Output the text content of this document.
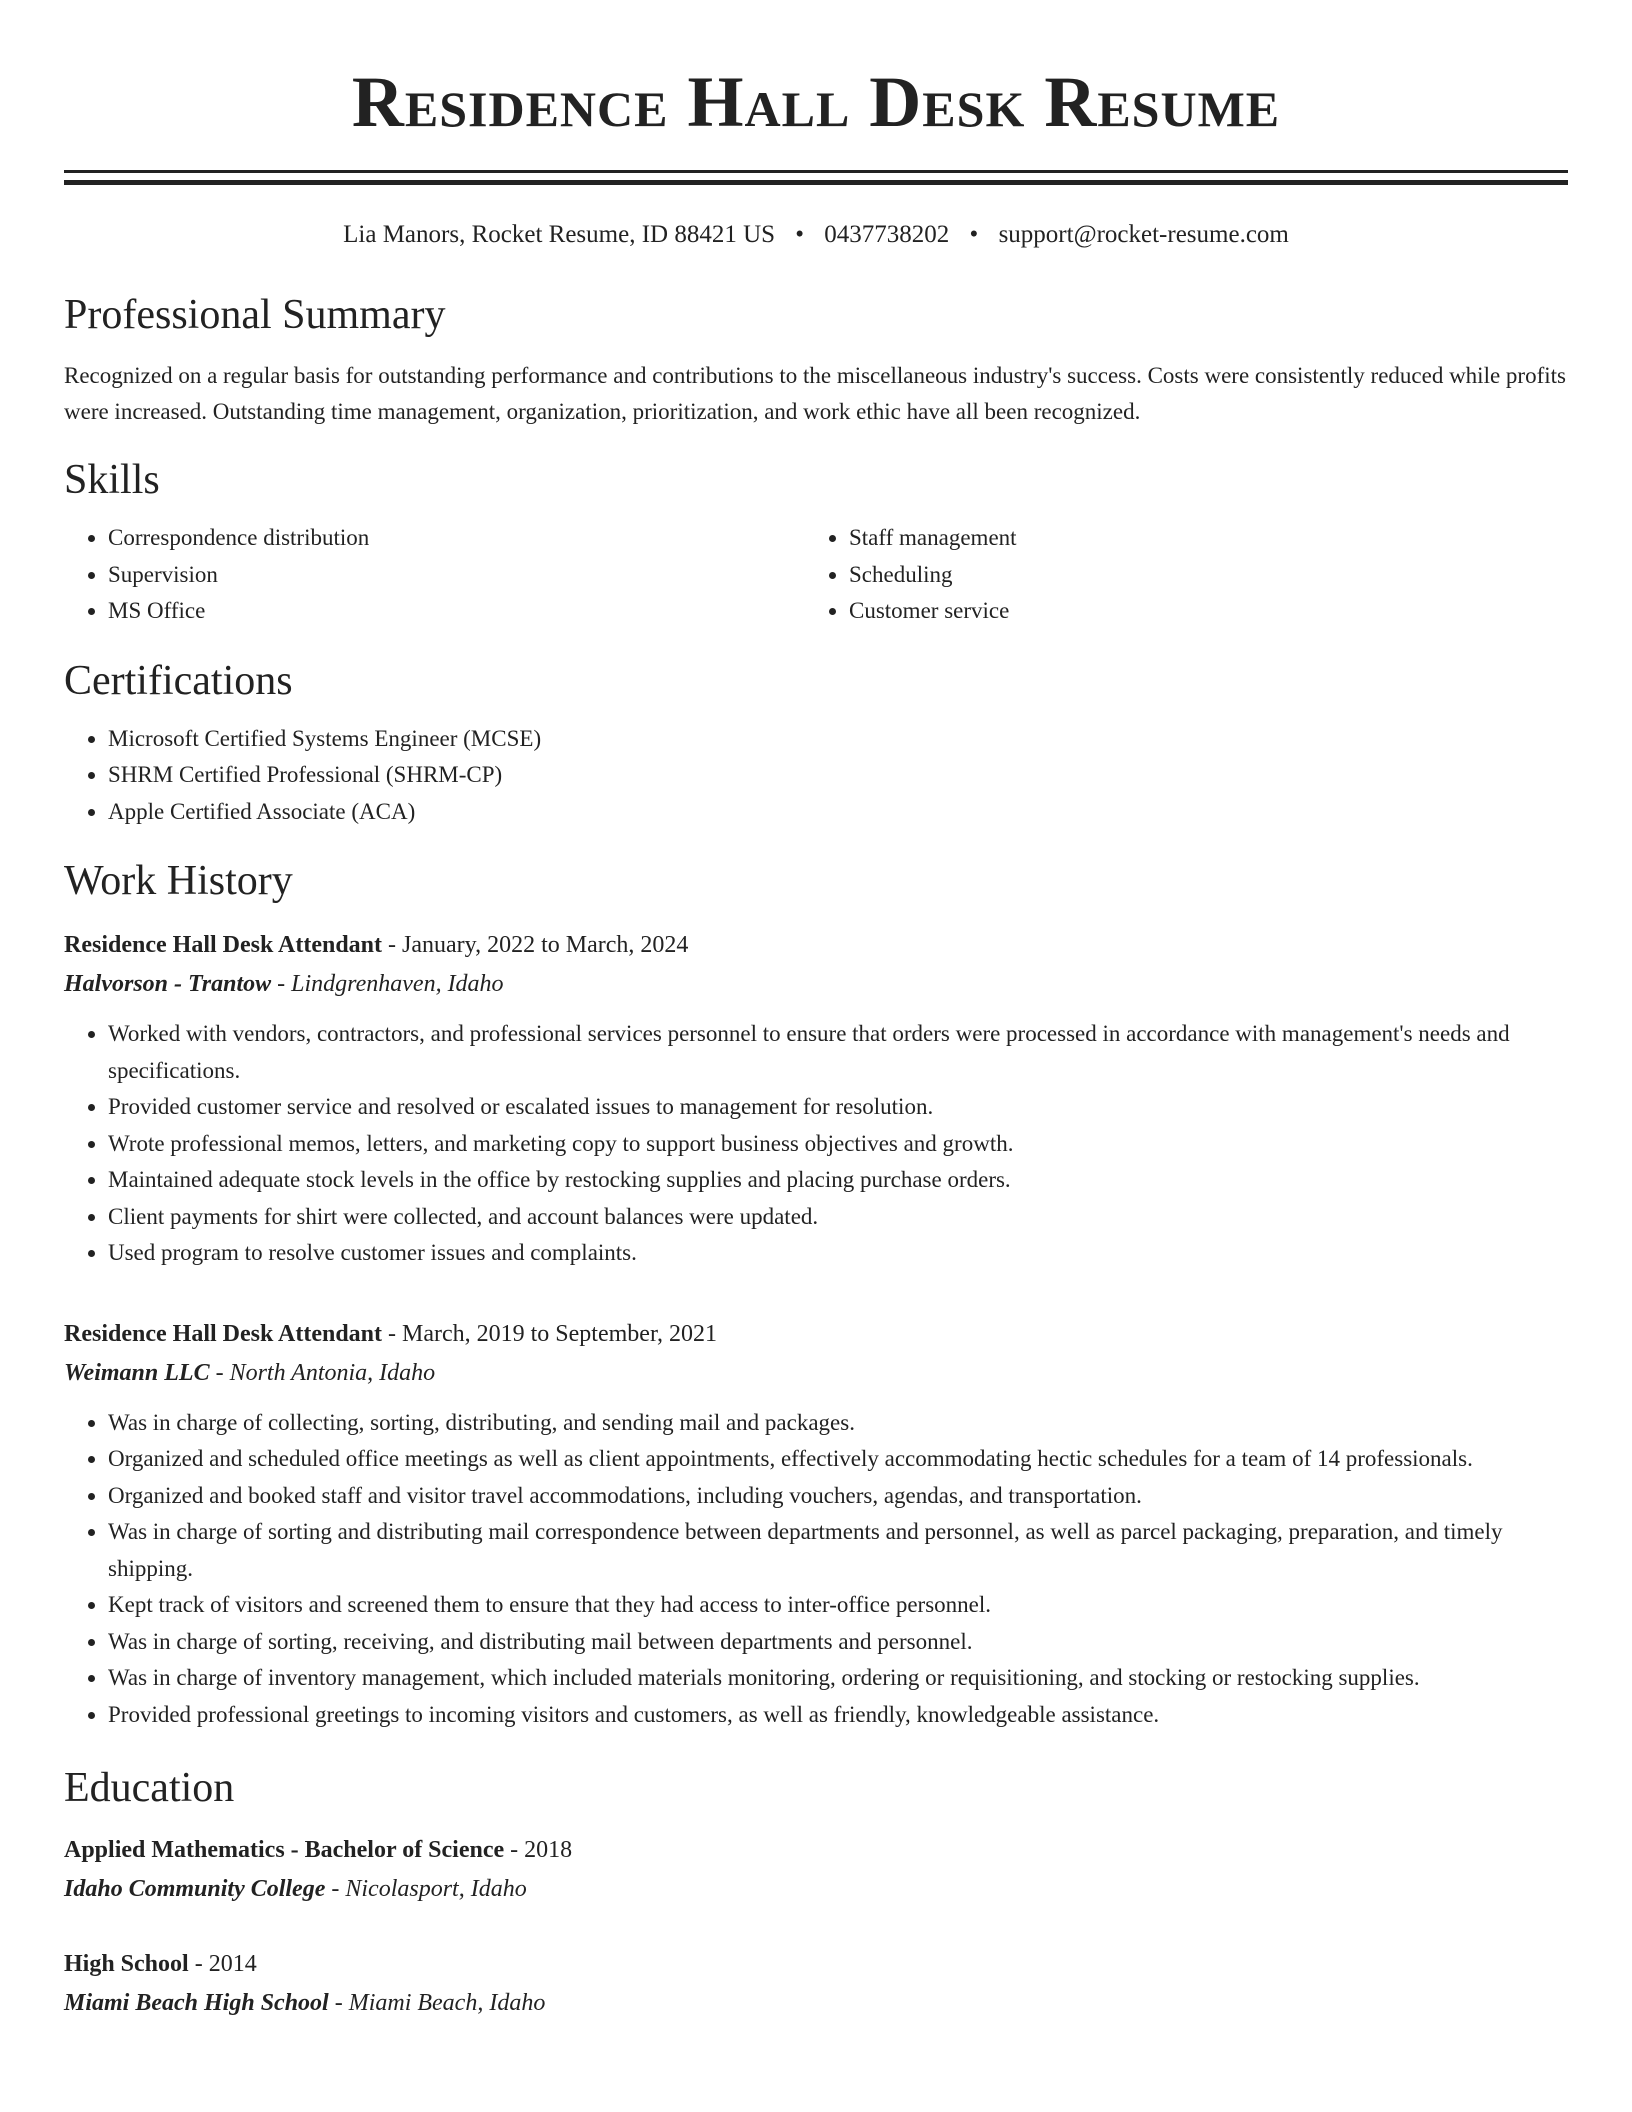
Residence Hall Desk Resume
Lia Manors, Rocket Resume, ID 88421 US • 0437738202 • support@rocket-resume.com
Professional Summary

Recognized on a regular basis for outstanding performance and contributions to the miscellaneous industry's success. Costs were consistently reduced while profits were increased. Outstanding time management, organization, prioritization, and work ethic have all been recognized.

Skills
• Correspondence distribution
• Supervision
• MS Office
• Staff management
• Scheduling
• Customer service
Certifications
• Microsoft Certified Systems Engineer (MCSE)
• SHRM Certified Professional (SHRM-CP)
• Apple Certified Associate (ACA)
Work History
Residence Hall Desk Attendant - January, 2022 to March, 2024
Halvorson - Trantow - Lindgrenhaven, Idaho
• Worked with vendors, contractors, and professional services personnel to ensure that orders were processed in accordance with management's needs and specifications.
• Provided customer service and resolved or escalated issues to management for resolution.
• Wrote professional memos, letters, and marketing copy to support business objectives and growth.
• Maintained adequate stock levels in the office by restocking supplies and placing purchase orders.
• Client payments for shirt were collected, and account balances were updated.
• Used program to resolve customer issues and complaints.
Residence Hall Desk Attendant - March, 2019 to September, 2021
Weimann LLC - North Antonia, Idaho
• Was in charge of collecting, sorting, distributing, and sending mail and packages.
• Organized and scheduled office meetings as well as client appointments, effectively accommodating hectic schedules for a team of 14 professionals.
• Organized and booked staff and visitor travel accommodations, including vouchers, agendas, and transportation.
• Was in charge of sorting and distributing mail correspondence between departments and personnel, as well as parcel packaging, preparation, and timely shipping.
• Kept track of visitors and screened them to ensure that they had access to inter-office personnel.
• Was in charge of sorting, receiving, and distributing mail between departments and personnel.
• Was in charge of inventory management, which included materials monitoring, ordering or requisitioning, and stocking or restocking supplies.
• Provided professional greetings to incoming visitors and customers, as well as friendly, knowledgeable assistance.
Education
Applied Mathematics - Bachelor of Science - 2018
Idaho Community College - Nicolasport, Idaho
High School - 2014
Miami Beach High School - Miami Beach, Idaho
